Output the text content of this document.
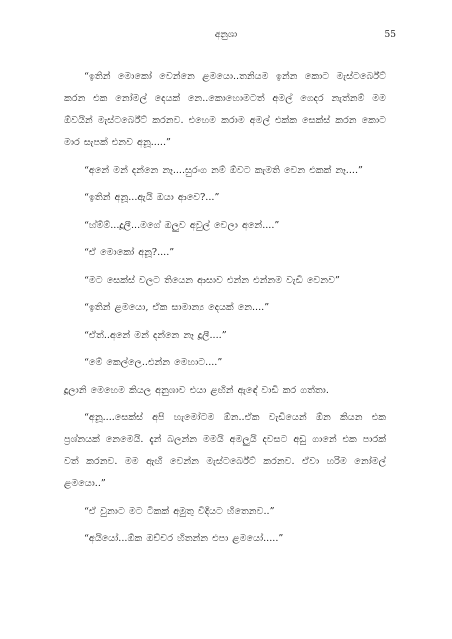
අනුශා	55

“ඉතින් මොකෝ වෙන්නෙ ළමයො..තනියම ඉන්න කොට මැස්ටර්බේට් කරන එක නෝමල් දෙයක් නෙ..කොහොමටත් අමල් ගෙදර නැත්නම් මම ඕවයින් මැස්ටර්බේට් කරනව. එහෙම කරාම අමල් එක්ක සෙක්ස් කරන කොට මාර සැපක් එනව අනූ.....”

“අනේ මන් දන්නෙ නෑ....සුරංග නම් ඕවට කැමති වෙන එකක් නෑ....”

“ඉතින් අනූ...ඇයි ඔයා ආවෙ?...”

“හ්ම්ම්...දූලී...මගේ ඔලුව අවුල් වෙලා අනේ....”

“ඒ මොකෝ අනූ?....”

“මට සෙක්ස් වලට තියෙන ආසාව එන්න එන්නම වැඩි වෙනව”

“ඉතින් ළමයො, ඒක සාමාන්‍ය දෙයක් නෙ....”

“ඒත්..අනේ මන් දන්නෙ නෑ දූලී....”

“මේ කෙල්ලෙ..එන්න මෙහාට....”

දූලානි මෙහෙම කියල අනුශාව එයා ළඟින් ඇඳේ වාඩි කර ගත්තා.

“අනූ....සෙක්ස් අපි හැමෝටම ඕන..ඒක වැඩියෙන් ඕන කියන එක ප්‍රශ්නයක් නෙමෙයි. දැන් බලන්න මමයි අමලුයි දවසට අඩු ගානේ එක පාරක් වත් කරනව. මම ඇඟි වෙන්න මැස්ටර්බේට් කරනව. ඒවා හරිම නෝමල් ළමයො..”

“ඒ වුනාට මට ටිකක් අමුතු විදියට හිතෙනව..”

“අයියෝ...ඕක ඔච්චර හිතන්න එපා ළමයෝ.....”
